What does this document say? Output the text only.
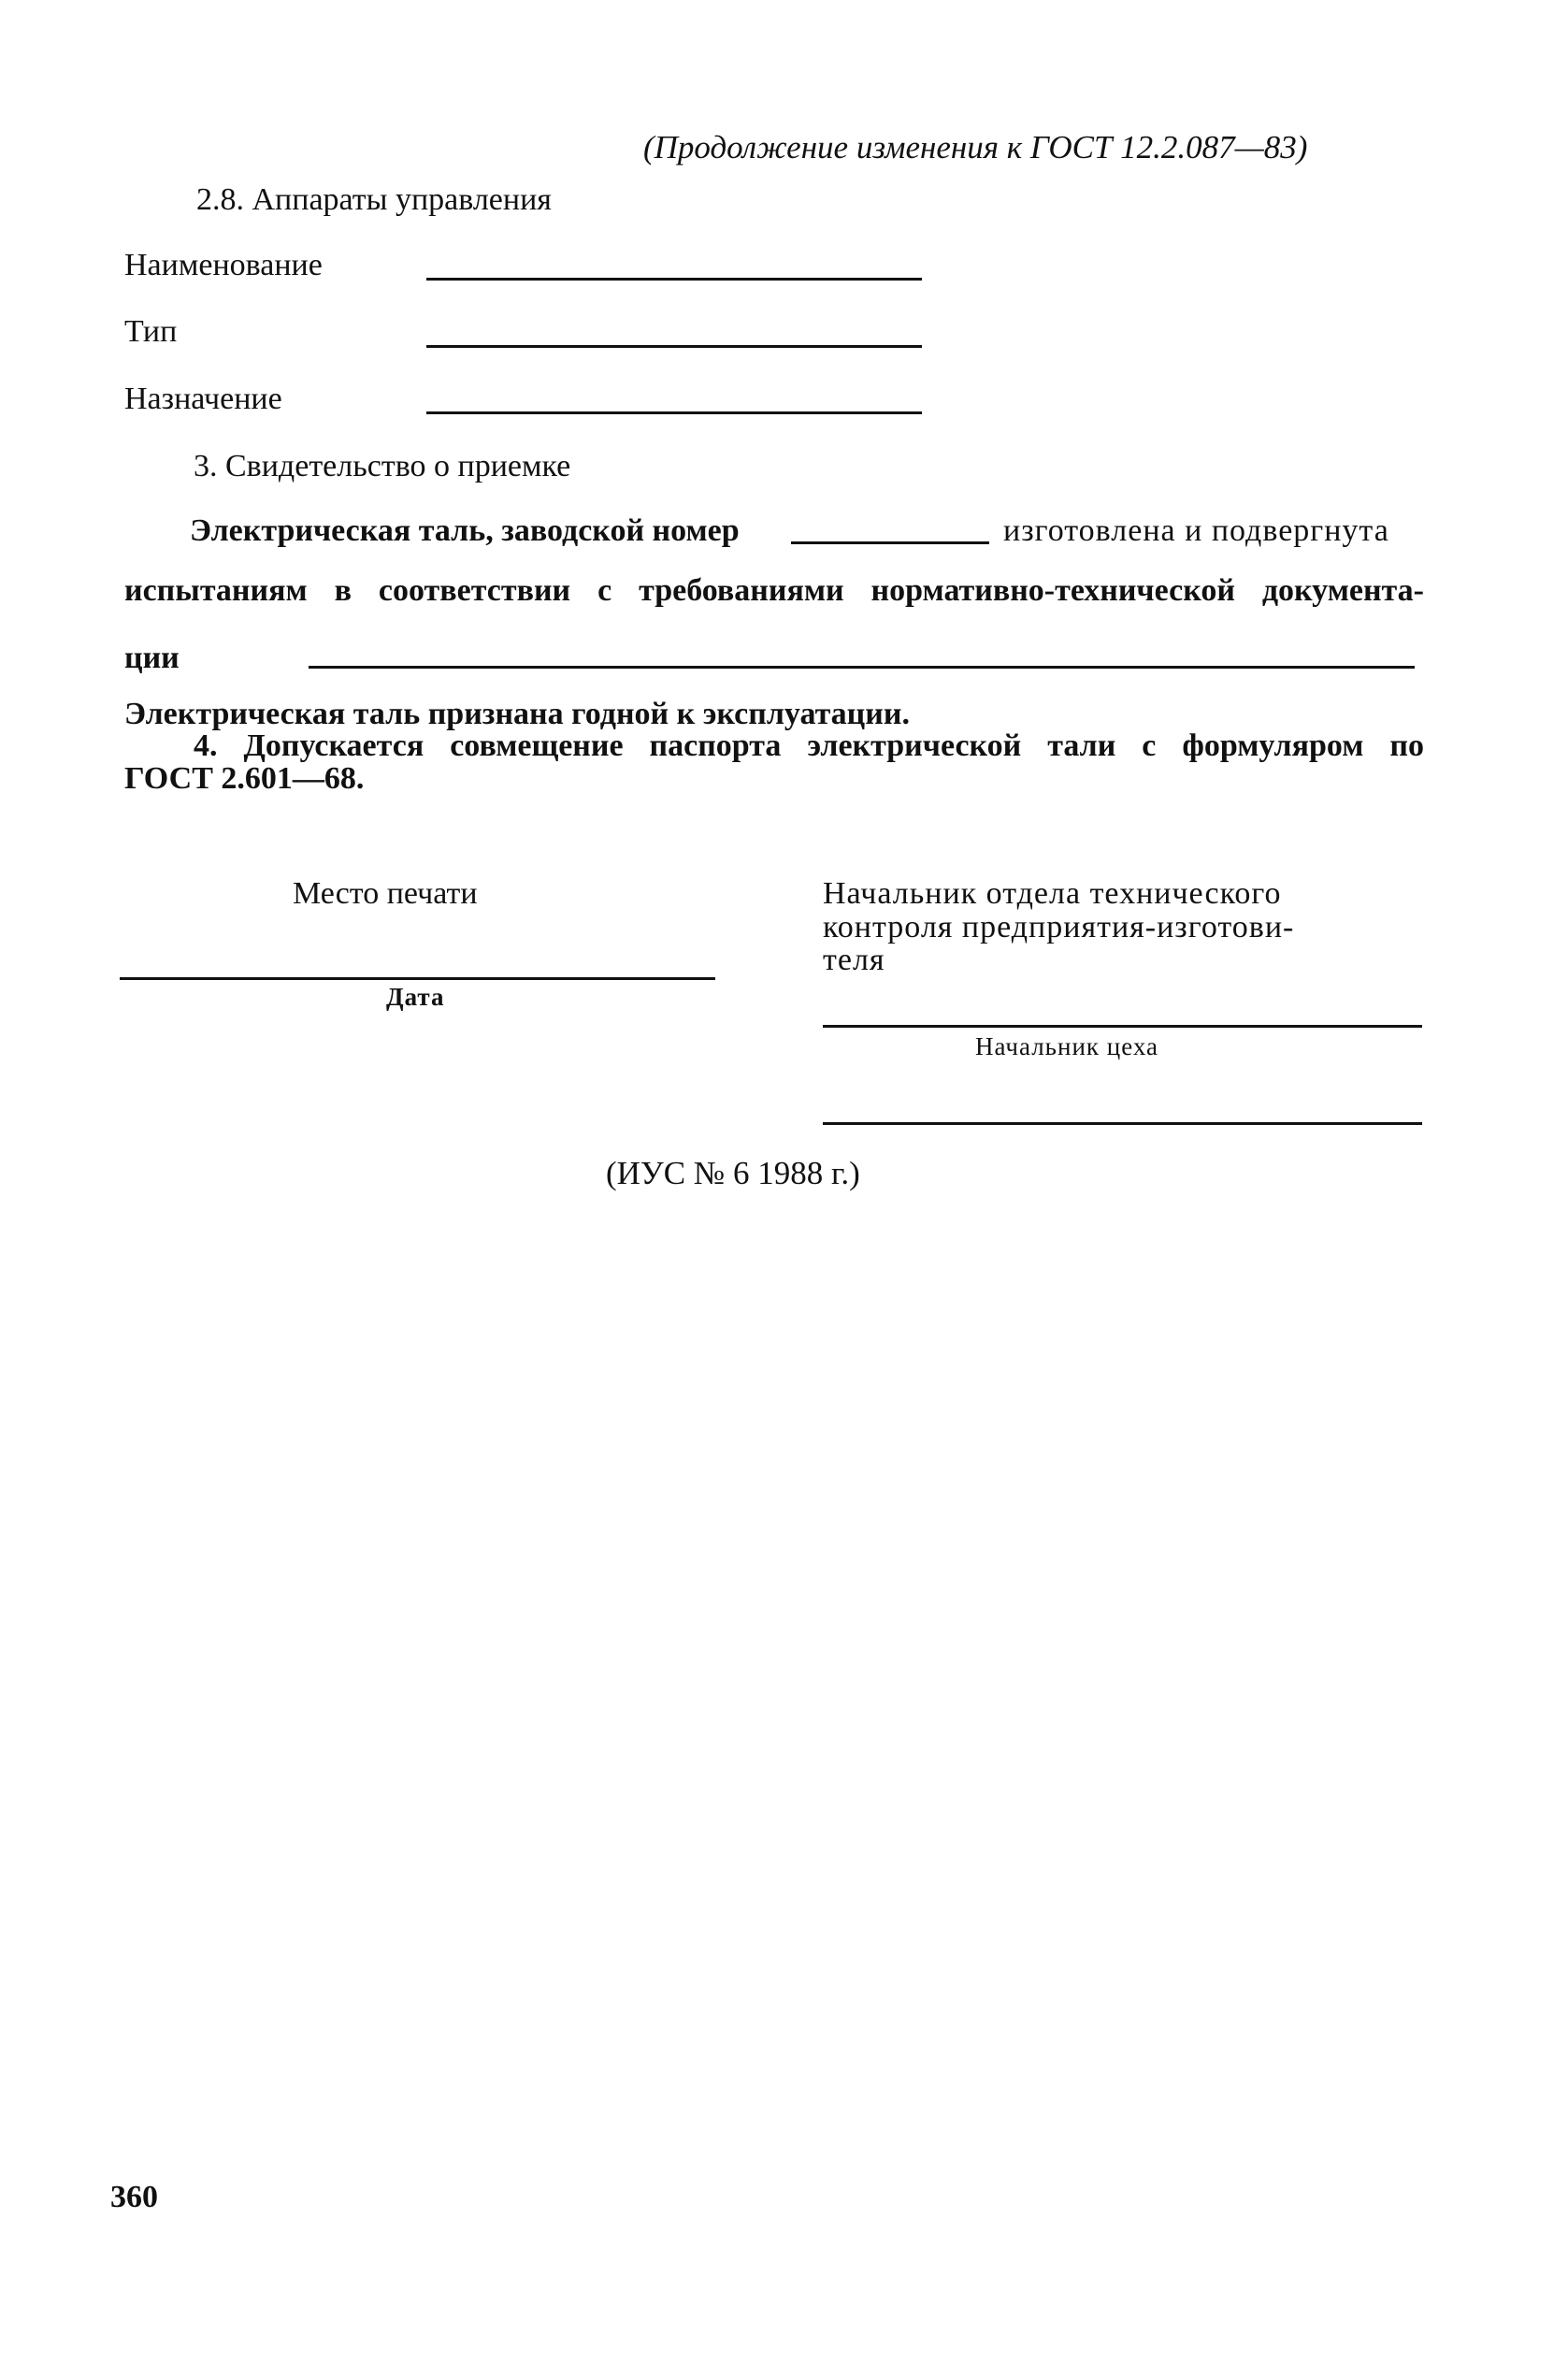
(Продолжение изменения к ГОСТ 12.2.087—83)
2.8. Аппараты управления
Наименование
Тип
Назначение
3. Свидетельство о приемке
Электрическая таль, заводской номер	изготовлена и подвергнута
испытаниям в соответствии с требованиями нормативно-технической документа-
ции
Электрическая таль признана годной к эксплуатации.
4. Допускается совмещение паспорта электрической тали с формуляром по
ГОСТ 2.601—68.
Место печати
Дата
Начальник отдела технического
контроля предприятия-изготови-
теля
Начальник цеха
(ИУС № 6 1988 г.)
360
